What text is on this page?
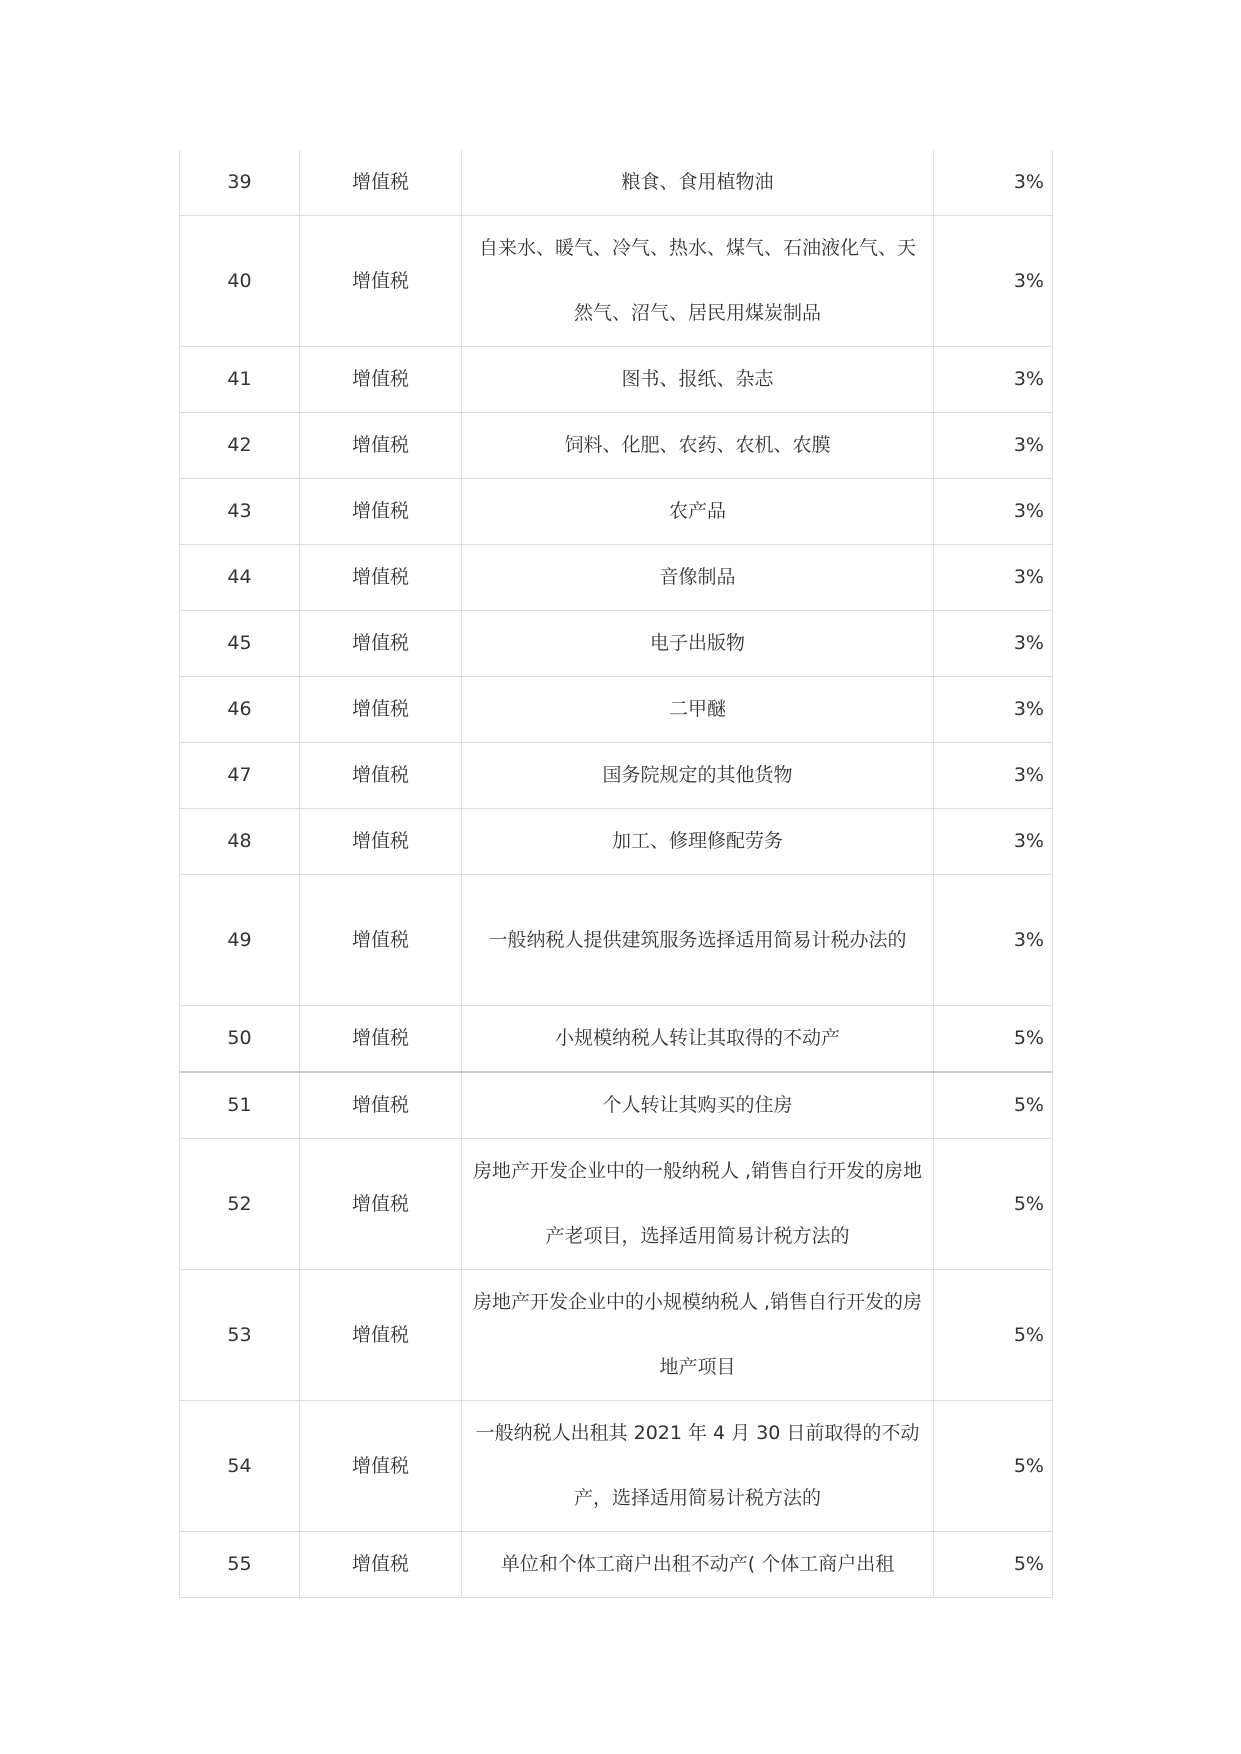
39	增值税	粮食、食用植物油	3%
40	增值税	自来水、暖气、冷气、热水、煤气、石油液化气、天然气、沼气、居民用煤炭制品	3%
41	增值税	图书、报纸、杂志	3%
42	增值税	饲料、化肥、农药、农机、农膜	3%
43	增值税	农产品	3%
44	增值税	音像制品	3%
45	增值税	电子出版物	3%
46	增值税	二甲醚	3%
47	增值税	国务院规定的其他货物	3%
48	增值税	加工、修理修配劳务	3%
49	增值税	一般纳税人提供建筑服务选择适用简易计税办法的	3%
50	增值税	小规模纳税人转让其取得的不动产	5%
51	增值税	个人转让其购买的住房	5%
52	增值税	房地产开发企业中的一般纳税人 ,销售自行开发的房地产老项目，选择适用简易计税方法的	5%
53	增值税	房地产开发企业中的小规模纳税人 ,销售自行开发的房地产项目	5%
54	增值税	一般纳税人出租其 2021 年 4 月 30 日前取得的不动产，选择适用简易计税方法的	5%
55	增值税	单位和个体工商户出租不动产( 个体工商户出租	5%
